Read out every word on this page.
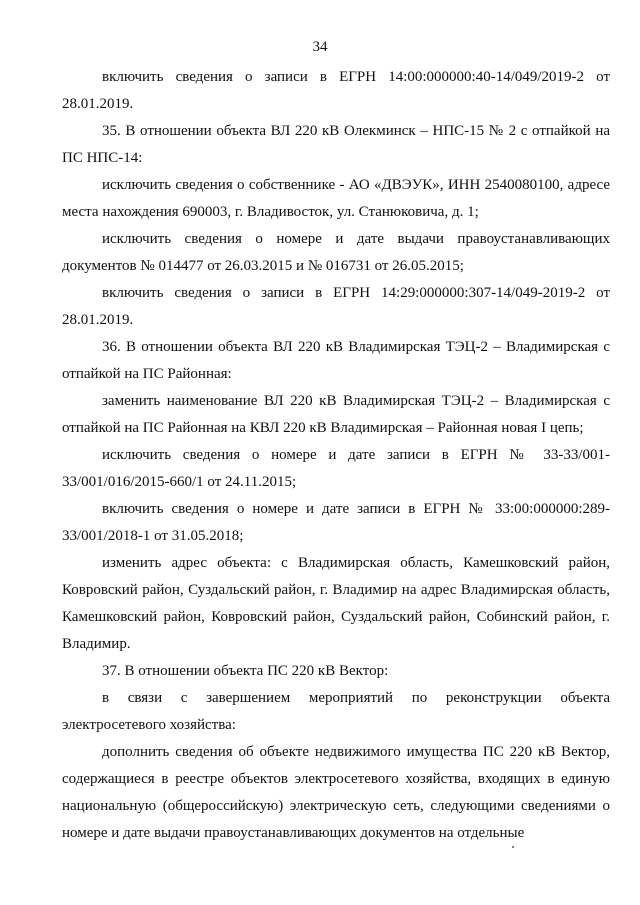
34

включить сведения о записи в ЕГРН 14:00:000000:40-14/049/2019-2 от 28.01.2019.

35. В отношении объекта ВЛ 220 кВ Олекминск – НПС-15 № 2 с отпайкой на ПС НПС-14:

исключить сведения о собственнике - АО «ДВЭУК», ИНН 2540080100, адресе места нахождения 690003, г. Владивосток, ул. Станюковича, д. 1;

исключить сведения о номере и дате выдачи правоустанавливающих документов № 014477 от 26.03.2015 и № 016731 от 26.05.2015;

включить сведения о записи в ЕГРН 14:29:000000:307-14/049-2019-2 от 28.01.2019.

36. В отношении объекта ВЛ 220 кВ Владимирская ТЭЦ-2 – Владимирская с отпайкой на ПС Районная:

заменить наименование ВЛ 220 кВ Владимирская ТЭЦ-2 – Владимирская с отпайкой на ПС Районная на КВЛ 220 кВ Владимирская – Районная новая I цепь;

исключить сведения о номере и дате записи в ЕГРН № 33-33/001-33/001/016/2015-660/1 от 24.11.2015;

включить сведения о номере и дате записи в ЕГРН № 33:00:000000:289-33/001/2018-1 от 31.05.2018;

изменить адрес объекта: с Владимирская область, Камешковский район, Ковровский район, Суздальский район, г. Владимир на адрес Владимирская область, Камешковский район, Ковровский район, Суздальский район, Собинский район, г. Владимир.

37. В отношении объекта ПС 220 кВ Вектор:

в связи с завершением мероприятий по реконструкции объекта электросетевого хозяйства:

дополнить сведения об объекте недвижимого имущества ПС 220 кВ Вектор, содержащиеся в реестре объектов электросетевого хозяйства, входящих в единую национальную (общероссийскую) электрическую сеть, следующими сведениями о номере и дате выдачи правоустанавливающих документов на отдельные
